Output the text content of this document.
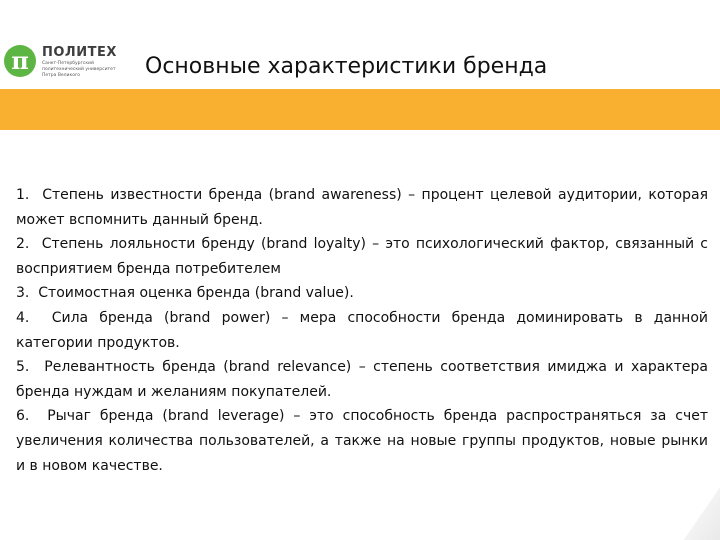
π	ПОЛИТЕХ
Санкт-Петербургский
политехнический университет
Петра Великого	Основные характеристики бренда

1. Степень известности бренда (brand awareness) – процент целевой аудитории, которая может вспомнить данный бренд.

2. Степень лояльности бренду (brand loyalty) – это психологический фактор, связанный с восприятием бренда потребителем

3. Стоимостная оценка бренда (brand value).

4. Сила бренда (brand power) – мера способности бренда доминировать в данной категории продуктов.

5. Релевантность бренда (brand relevance) – степень соответствия имиджа и характера бренда нуждам и желаниям покупателей.

6. Рычаг бренда (brand leverage) – это способность бренда распространяться за счет увеличения количества пользователей, а также на новые группы продуктов, новые рынки и в новом качестве.
